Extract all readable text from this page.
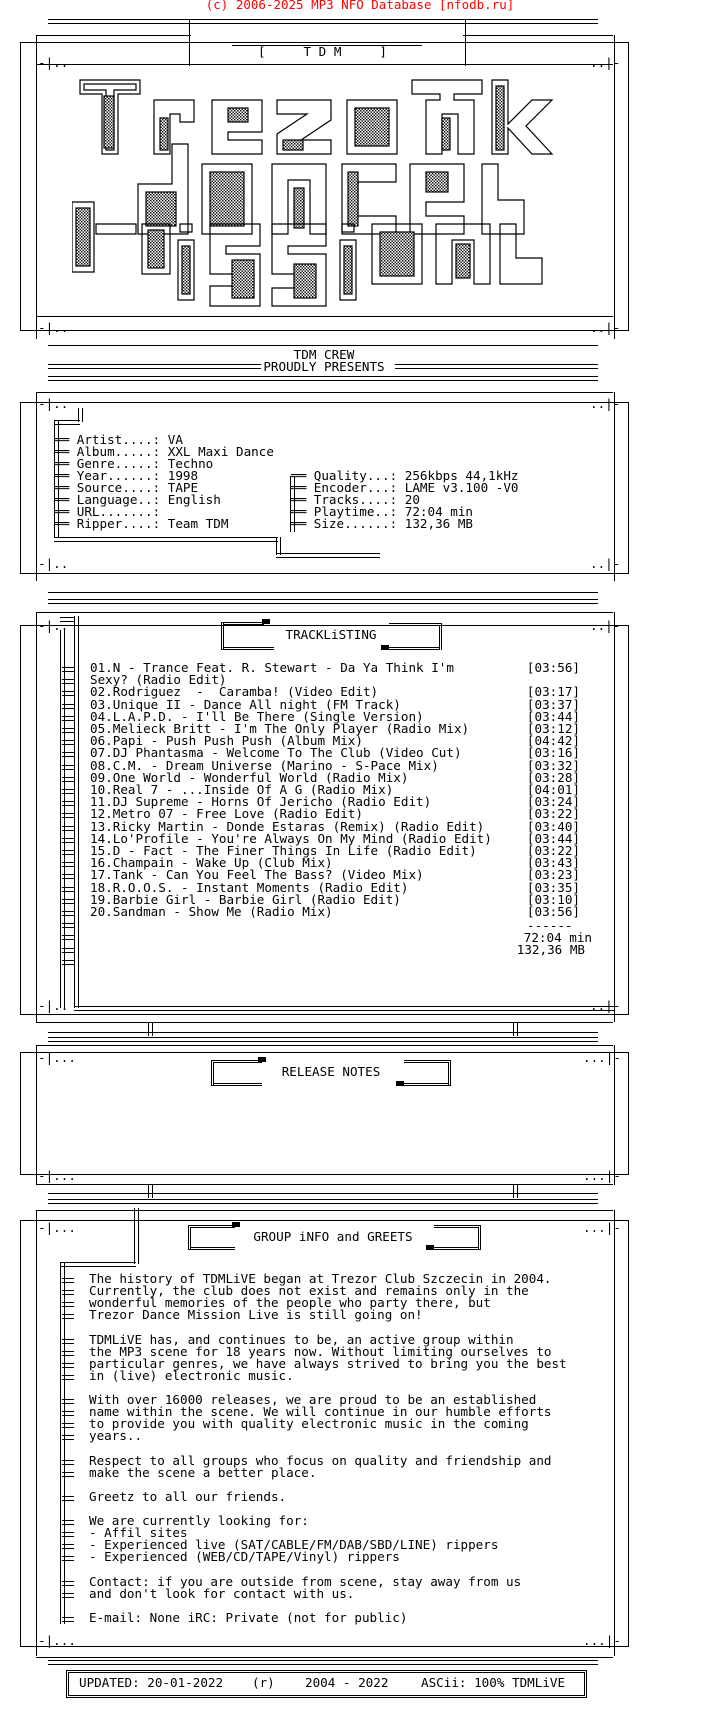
(c) 2006-2025 MP3 NFO Database [nfodb.ru]
[     T D M     ]
-|..	..|-
-|..	..|-
TDM CREW
PROUDLY PRESENTS
-|..	..|-
-|..	..|-
══ Artist....: VA
══ Album.....: XXL Maxi Dance
══ Genre.....: Techno
══ Year......: 1998
══ Source....: TAPE
══ Language..: English
══ URL.......:
══ Ripper....: Team TDM
══ Quality...: 256kbps 44,1kHz
══ Encoder...: LAME v3.100 -V0
══ Tracks....: 20
══ Playtime..: 72:04 min
══ Size......: 132,36 MB
-|..	..|-
-|..	..|-
TRACKLiSTING
01.N - Trance Feat. R. Stewart - Da Ya Think I'm	[03:56]
Sexy? (Radio Edit)
02.Rodriguez  -  Caramba! (Video Edit)	[03:17]
03.Unique II - Dance All night (FM Track)	[03:37]
04.L.A.P.D. - I'll Be There (Single Version)	[03:44]
05.Melieck Britt - I'm The Only Player (Radio Mix)	[03:12]
06.Papi - Push Push Push (Album Mix)	[04:42]
07.DJ Phantasma - Welcome To The Club (Video Cut)	[03:16]
08.C.M. - Dream Universe (Marino - S-Pace Mix)	[03:32]
09.One World - Wonderful World (Radio Mix)	[03:28]
10.Real 7 - ...Inside Of A G (Radio Mix)	[04:01]
11.DJ Supreme - Horns Of Jericho (Radio Edit)	[03:24]
12.Metro 07 - Free Love (Radio Edit)	[03:22]
13.Ricky Martin - Donde Estaras (Remix) (Radio Edit)	[03:40]
14.Lo'Profile - You're Always On My Mind (Radio Edit)	[03:44]
15.D - Fact - The Finer Things In Life (Radio Edit)	[03:22]
16.Champain - Wake Up (Club Mix)	[03:43]
17.Tank - Can You Feel The Bass? (Video Mix)	[03:23]
18.R.O.O.S. - Instant Moments (Radio Edit)	[03:35]
19.Barbie Girl - Barbie Girl (Radio Edit)	[03:10]
20.Sandman - Show Me (Radio Mix)	[03:56]
------
72:04 min
132,36 MB
-|...	...|-
-|...	...|-
RELEASE NOTES
-|...	...|-
-|...	...|-
GROUP iNFO and GREETS
The history of TDMLiVE began at Trezor Club Szczecin in 2004.
Currently, the club does not exist and remains only in the
wonderful memories of the people who party there, but
Trezor Dance Mission Live is still going on!
TDMLiVE has, and continues to be, an active group within
the MP3 scene for 18 years now. Without limiting ourselves to
particular genres, we have always strived to bring you the best
in (live) electronic music.
With over 16000 releases, we are proud to be an established
name within the scene. We will continue in our humble efforts
to provide you with quality electronic music in the coming
years..
Respect to all groups who focus on quality and friendship and
make the scene a better place.
Greetz to all our friends.
We are currently looking for:
- Affil sites
- Experienced live (SAT/CABLE/FM/DAB/SBD/LINE) rippers
- Experienced (WEB/CD/TAPE/Vinyl) rippers
Contact: if you are outside from scene, stay away from us
and don't look for contact with us.
E-mail: None iRC: Private (not for public)
UPDATED: 20-01-2022 (r) 2004 - 2022	ASCii: 100% TDMLiVE
